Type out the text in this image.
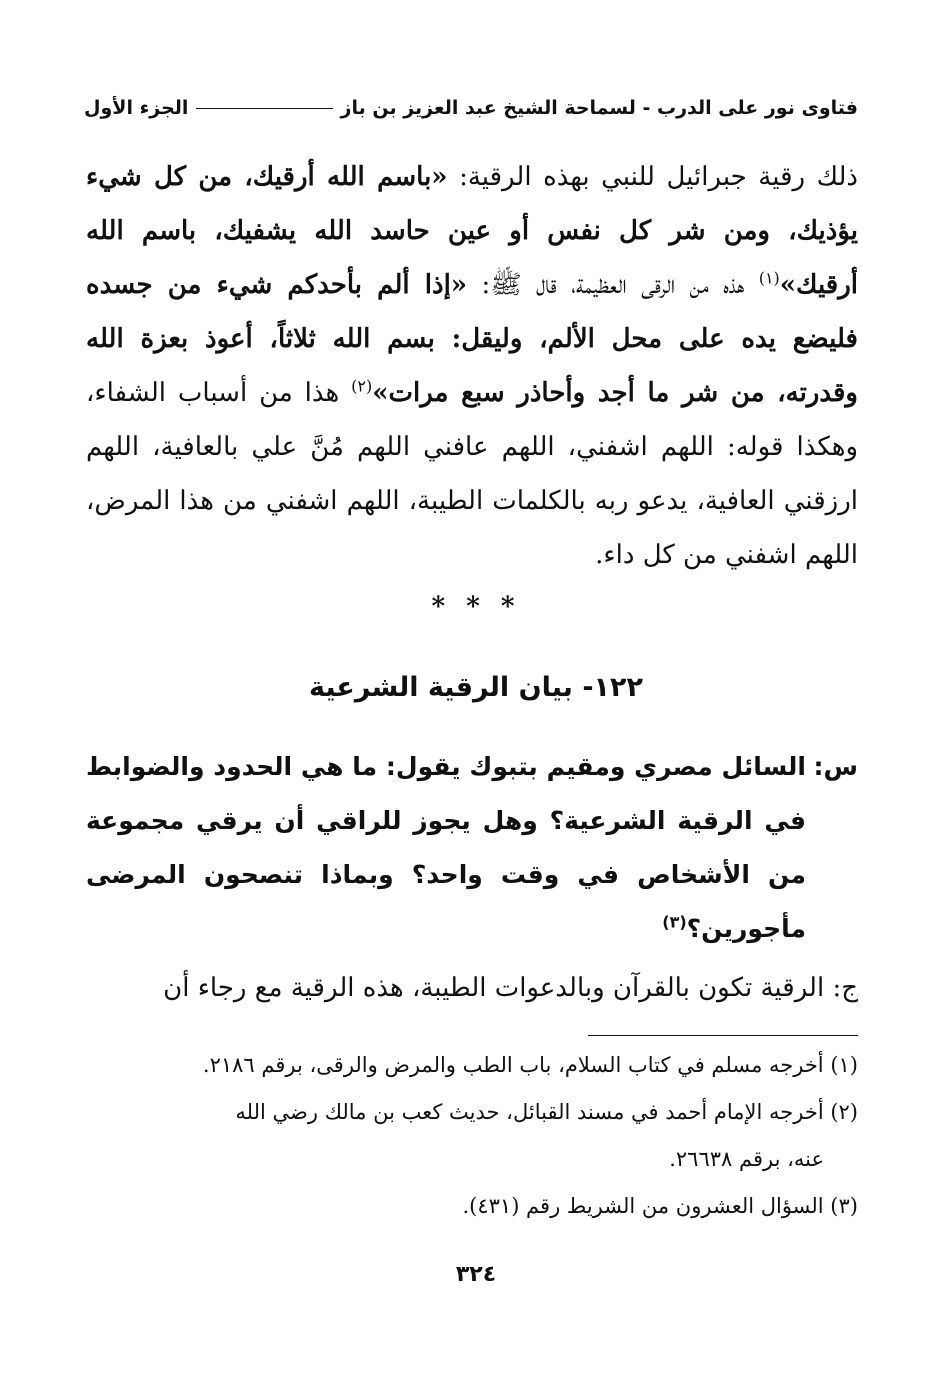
فتاوى نور على الدرب - لسماحة الشيخ عبد العزيز بن باز
الجزء الأول

ذلك رقية جبرائيل للنبي بهذه الرقية: «باسم الله أرقيك، من كل شيء يؤذيك، ومن شر كل نفس أو عين حاسد الله يشفيك، باسم الله أرقيك»$^{(١)}$ هذه من الرقى العظيمة، قال ﷺ: «إذا ألم بأحدكم شيء من جسده فليضع يده على محل الألم، وليقل: بسم الله ثلاثاً، أعوذ بعزة الله وقدرته، من شر ما أجد وأحاذر سبع مرات»$^{(٢)}$ هذا من أسباب الشفاء، وهكذا قوله: اللهم اشفني، اللهم عافني اللهم مُنَّ علي بالعافية، اللهم ارزقني العافية، يدعو ربه بالكلمات الطيبة، اللهم اشفني من هذا المرض، اللهم اشفني من كل داء.

* * *
١٢٢- بيان الرقية الشرعية
س:
السائل مصري ومقيم بتبوك يقول: ما هي الحدود والضوابط في الرقية الشرعية؟ وهل يجوز للراقي أن يرقي مجموعة من الأشخاص في وقت واحد؟ وبماذا تنصحون المرضى مأجورين؟$^{(٣)}$
ج: الرقية تكون بالقرآن وبالدعوات الطيبة، هذه الرقية مع رجاء أن

(١) أخرجه مسلم في كتاب السلام، باب الطب والمرض والرقى، برقم ٢١٨٦.

(٢) أخرجه الإمام أحمد في مسند القبائل، حديث كعب بن مالك رضي الله

عنه، برقم ٢٦٦٣٨.

(٣) السؤال العشرون من الشريط رقم (٤٣١).

٣٢٤
